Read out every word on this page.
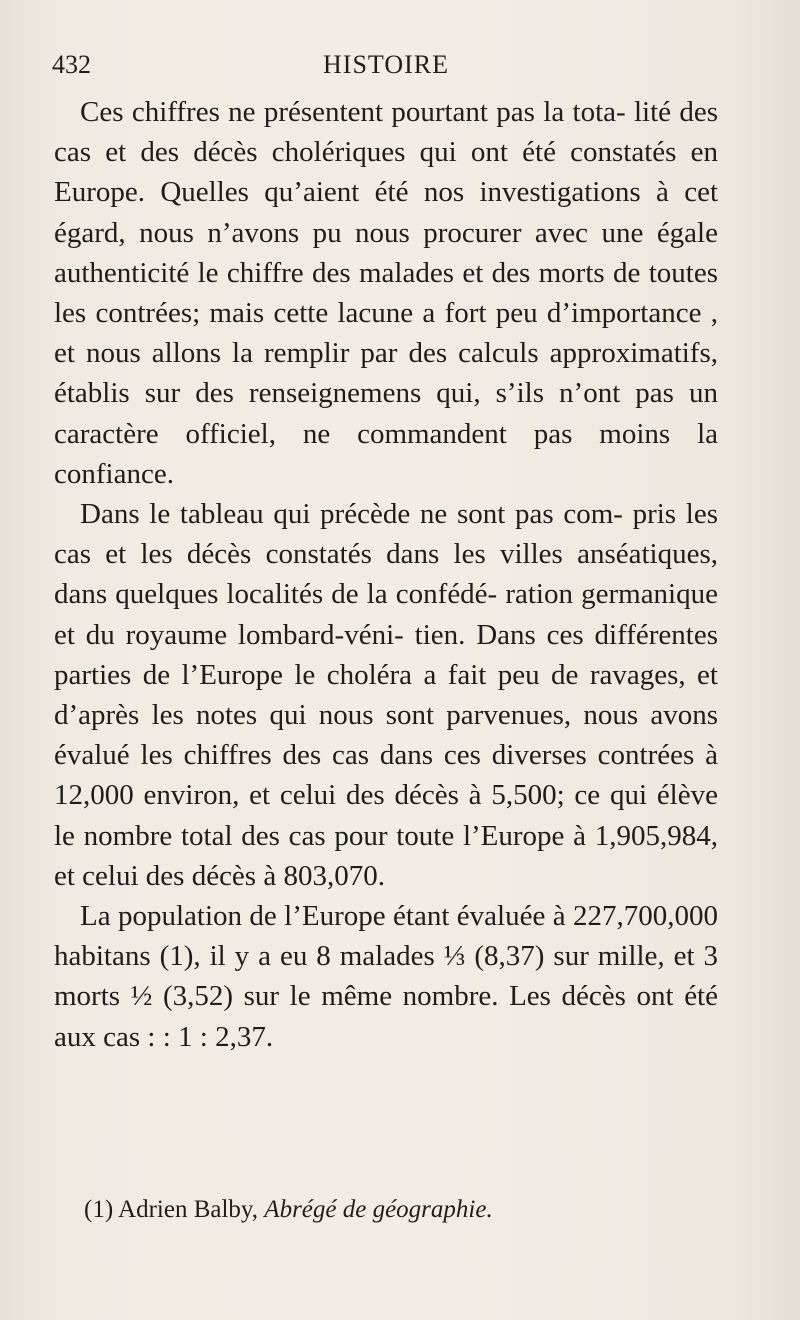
432	HISTOIRE

Ces chiffres ne présentent pourtant pas la tota- lité des cas et des décès cholériques qui ont été constatés en Europe. Quelles qu’aient été nos investigations à cet égard, nous n’avons pu nous procurer avec une égale authenticité le chiffre des malades et des morts de toutes les contrées; mais cette lacune a fort peu d’importance , et nous allons la remplir par des calculs approximatifs, établis sur des renseignemens qui, s’ils n’ont pas un caractère officiel, ne commandent pas moins la confiance.

Dans le tableau qui précède ne sont pas com- pris les cas et les décès constatés dans les villes anséatiques, dans quelques localités de la confédé- ration germanique et du royaume lombard-véni- tien. Dans ces différentes parties de l’Europe le choléra a fait peu de ravages, et d’après les notes qui nous sont parvenues, nous avons évalué les chiffres des cas dans ces diverses contrées à 12,000 environ, et celui des décès à 5,500; ce qui élève le nombre total des cas pour toute l’Europe à 1,905,984, et celui des décès à 803,070.

La population de l’Europe étant évaluée à 227,700,000 habitans (1), il y a eu 8 malades ⅓ (8,37) sur mille, et 3 morts ½ (3,52) sur le même nombre. Les décès ont été aux cas : : 1 : 2,37.

(1) Adrien Balby, Abrégé de géographie.
